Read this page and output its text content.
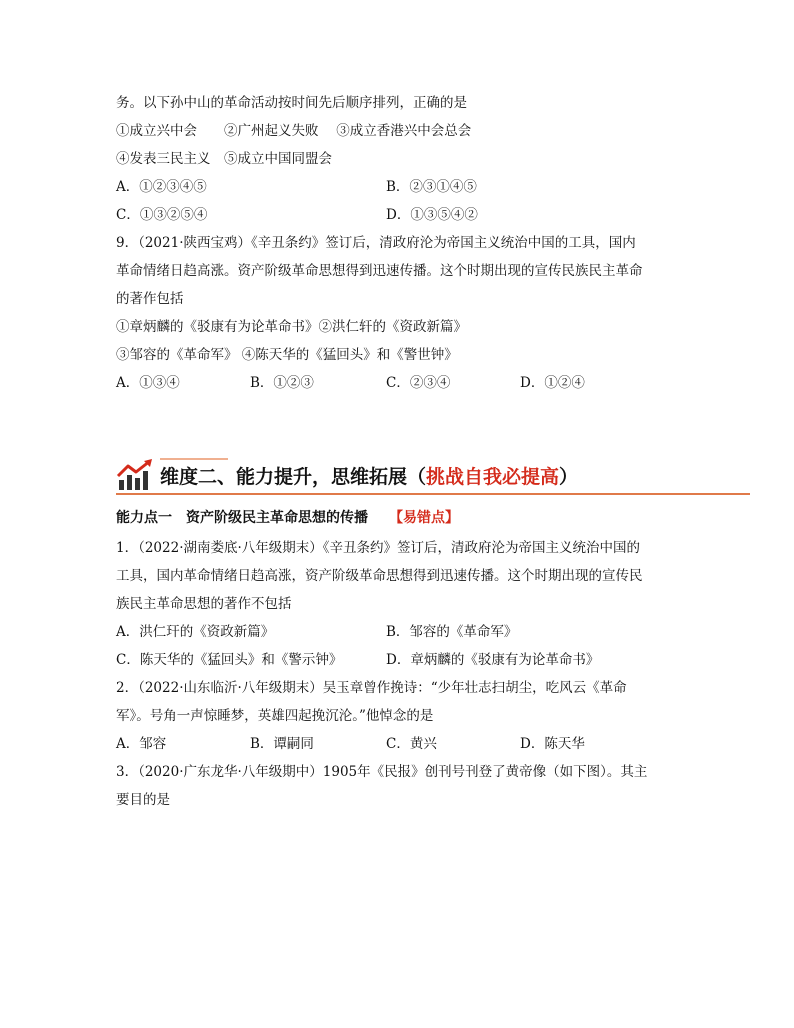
务。以下孙中山的革命活动按时间先后顺序排列，正确的是
①成立兴中会　　②广州起义失败　 ③成立香港兴中会总会
④发表三民主义　⑤成立中国同盟会
A．①②③④⑤	B．②③①④⑤
C．①③②⑤④	D．①③⑤④②
9．（2021·陕西宝鸡）《辛丑条约》签订后，清政府沦为帝国主义统治中国的工具，国内
革命情绪日趋高涨。资产阶级革命思想得到迅速传播。这个时期出现的宣传民族民主革命
的著作包括
①章炳麟的《驳康有为论革命书》②洪仁轩的《资政新篇》
③邹容的《革命军》 ④陈天华的《猛回头》和《警世钟》
A．①③④	B．①②③	C．②③④	D．①②④
维度二、能力提升，思维拓展（挑战自我必提高）
能力点一　资产阶级民主革命思想的传播　　【易错点】
1．（2022·湖南娄底·八年级期末）《辛丑条约》签订后，清政府沦为帝国主义统治中国的
工具，国内革命情绪日趋高涨，资产阶级革命思想得到迅速传播。这个时期出现的宣传民
族民主革命思想的著作不包括
A．洪仁玕的《资政新篇》	B．邹容的《革命军》
C．陈天华的《猛回头》和《警示钟》	D．章炳麟的《驳康有为论革命书》
2．（2022·山东临沂·八年级期末）吴玉章曾作挽诗：“少年壮志扫胡尘，吃风云《革命
军》。号角一声惊睡梦，英雄四起挽沉沦。”他悼念的是
A．邹容	B．谭嗣同	C．黄兴	D．陈天华
3．（2020·广东龙华·八年级期中）1905年《民报》创刊号刊登了黄帝像（如下图）。其主
要目的是
